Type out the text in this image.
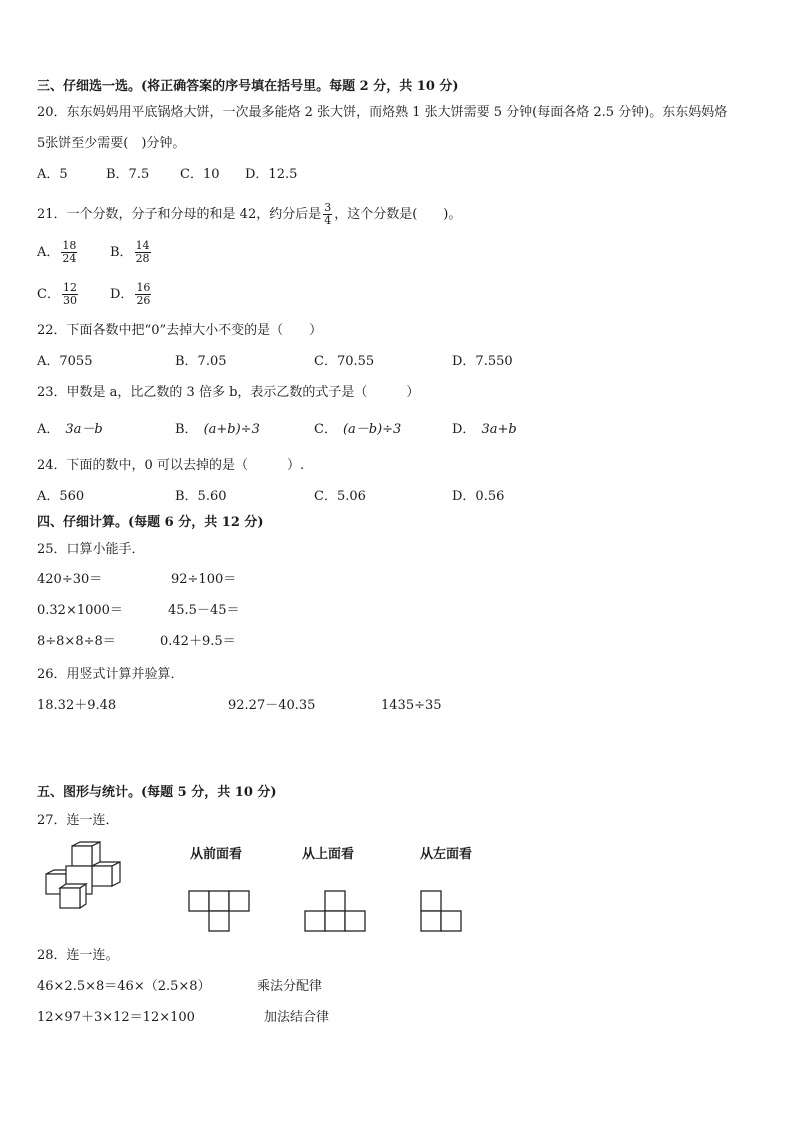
三、仔细选一选。(将正确答案的序号填在括号里。每题 2 分，共 10 分)
20．东东妈妈用平底锅烙大饼，一次最多能烙 2 张大饼，而烙熟 1 张大饼需要 5 分钟(每面各烙 2.5 分钟)。东东妈妈烙
5张饼至少需要(　)分钟。
A．5	B．7.5 C．10 D．12.5
21．一个分数，分子和分母的和是 42，约分后是 $\frac{3}{4}$ ，这个分数是(　　)。
A． $\frac{18}{24}$	B． $\frac{14}{28}$
C． $\frac{12}{30}$ D． $\frac{16}{26}$
22．下面各数中把“0”去掉大小不变的是（　　）
A．7055	B．7.05	C．70.55	D．7.550
23．甲数是 a，比乙数的 3 倍多 b，表示乙数的式子是（　　　）
A． 3a－b	B． (a+b)÷3	C． (a－b)÷3	D． 3a+b
24．下面的数中，0 可以去掉的是（　　　）.
A．560	B．5.60	C．5.06	D．0.56
四、仔细计算。(每题 6 分，共 12 分)
25．口算小能手．
420÷30＝	92÷100＝
0.32×1000＝	45.5－45＝
8÷8×8÷8＝	0.42＋9.5＝
26．用竖式计算并验算．
18.32＋9.48	92.27－40.35	1435÷35
五、图形与统计。(每题 5 分，共 10 分)
27．连一连．
从前面看	从上面看	从左面看
28．连一连。
46×2.5×8＝46×（2.5×8）	乘法分配律
12×97＋3×12＝12×100	加法结合律
